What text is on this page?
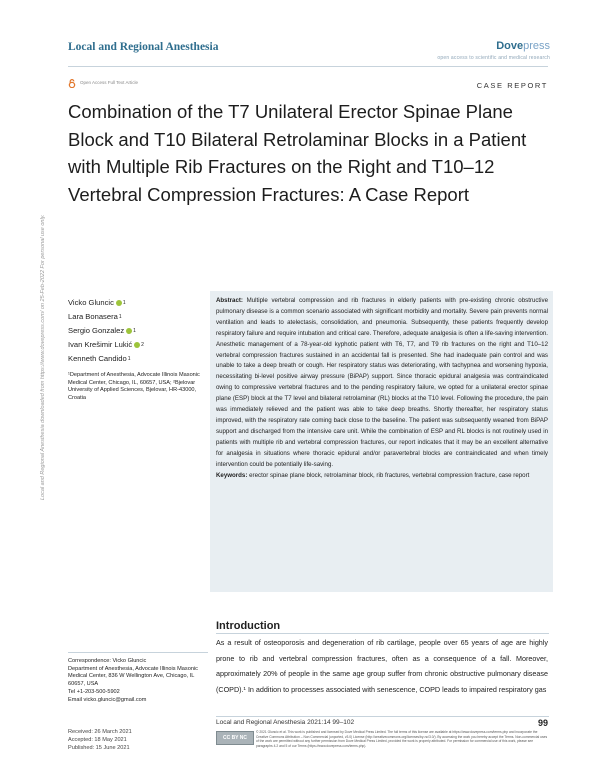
Local and Regional Anesthesia	Dovepress
open access to scientific and medical research
Open Access Full Text Article	CASE REPORT
Combination of the T7 Unilateral Erector Spinae Plane Block and T10 Bilateral Retrolaminar Blocks in a Patient with Multiple Rib Fractures on the Right and T10–12 Vertebral Compression Fractures: A Case Report
Local and Regional Anesthesia downloaded from https://www.dovepress.com/ on 25-Feb-2022 For personal use only.	Vicko Gluncic 1
Lara Bonasera 1
Sergio Gonzalez 1
Ivan Krešimir Lukić 2
Kenneth Candido 1
¹Department of Anesthesia, Advocate Illinois Masonic Medical Center, Chicago, IL, 60657, USA; ²Bjelovar University of Applied Sciences, Bjelovar, HR-43000, Croatia
Abstract: Multiple vertebral compression and rib fractures in elderly patients with pre-existing chronic obstructive pulmonary disease is a common scenario associated with significant morbidity and mortality. Severe pain prevents normal ventilation and leads to atelectasis, consolidation, and pneumonia. Subsequently, these patients frequently develop respiratory failure and require intubation and critical care. Therefore, adequate analgesia is often a life-saving intervention. Anesthetic management of a 78-year-old kyphotic patient with T6, T7, and T9 rib fractures on the right and T10–12 vertebral compression fractures sustained in an accidental fall is presented. She had inadequate pain control and was unable to take a deep breath or cough. Her respiratory status was deteriorating, with tachypnea and worsening hypoxia, necessitating bi-level positive airway pressure (BiPAP) support. Since thoracic epidural analgesia was contraindicated owing to compressive vertebral fractures and to the pending respiratory failure, we opted for a unilateral erector spinae plane (ESP) block at the T7 level and bilateral retrolaminar (RL) blocks at the T10 level. Following the procedure, the pain was immediately relieved and the patient was able to take deep breaths. Shortly thereafter, her respiratory status improved, with the respiratory rate coming back close to the baseline. The patient was subsequently weaned from BiPAP support and discharged from the intensive care unit. While the combination of ESP and RL blocks is not routinely used in patients with multiple rib and vertebral compression fractures, our report indicates that it may be an excellent alternative for analgesia in situations where thoracic epidural and/or paravertebral blocks are contraindicated and when timely intervention could be potentially life-saving.
Keywords: erector spinae plane block, retrolaminar block, rib fractures, vertebral compression fracture, case report
Introduction
As a result of osteoporosis and degeneration of rib cartilage, people over 65 years of age are highly prone to rib and vertebral compression fractures, often as a consequence of a fall. Moreover, approximately 20% of people in the same age group suffer from chronic obstructive pulmonary disease (COPD).¹ In addition to processes associated with senescence, COPD leads to impaired respiratory gas
Correspondence: Vicko Gluncic
Department of Anesthesia, Advocate Illinois Masonic Medical Center, 836 W Wellington Ave, Chicago, IL 60657, USA
Tel +1-203-500-5902
Email vicko.gluncic@gmail.com
Local and Regional Anesthesia 2021:14 99–102	99
Received: 26 March 2021
Accepted: 18 May 2021
Published: 15 June 2021
CC BY NC
© 2021 Gluncic et al. This work is published and licensed by Dove Medical Press Limited. The full terms of this license are available at https://www.dovepress.com/terms.php and incorporate the Creative Commons Attribution – Non Commercial (unported, v3.0) License (http://creativecommons.org/licenses/by-nc/3.0/). By accessing the work you hereby accept the Terms. Non-commercial uses of the work are permitted without any further permission from Dove Medical Press Limited, provided the work is properly attributed. For permission for commercial use of this work, please see paragraphs 4.2 and 5 of our Terms (https://www.dovepress.com/terms.php).
